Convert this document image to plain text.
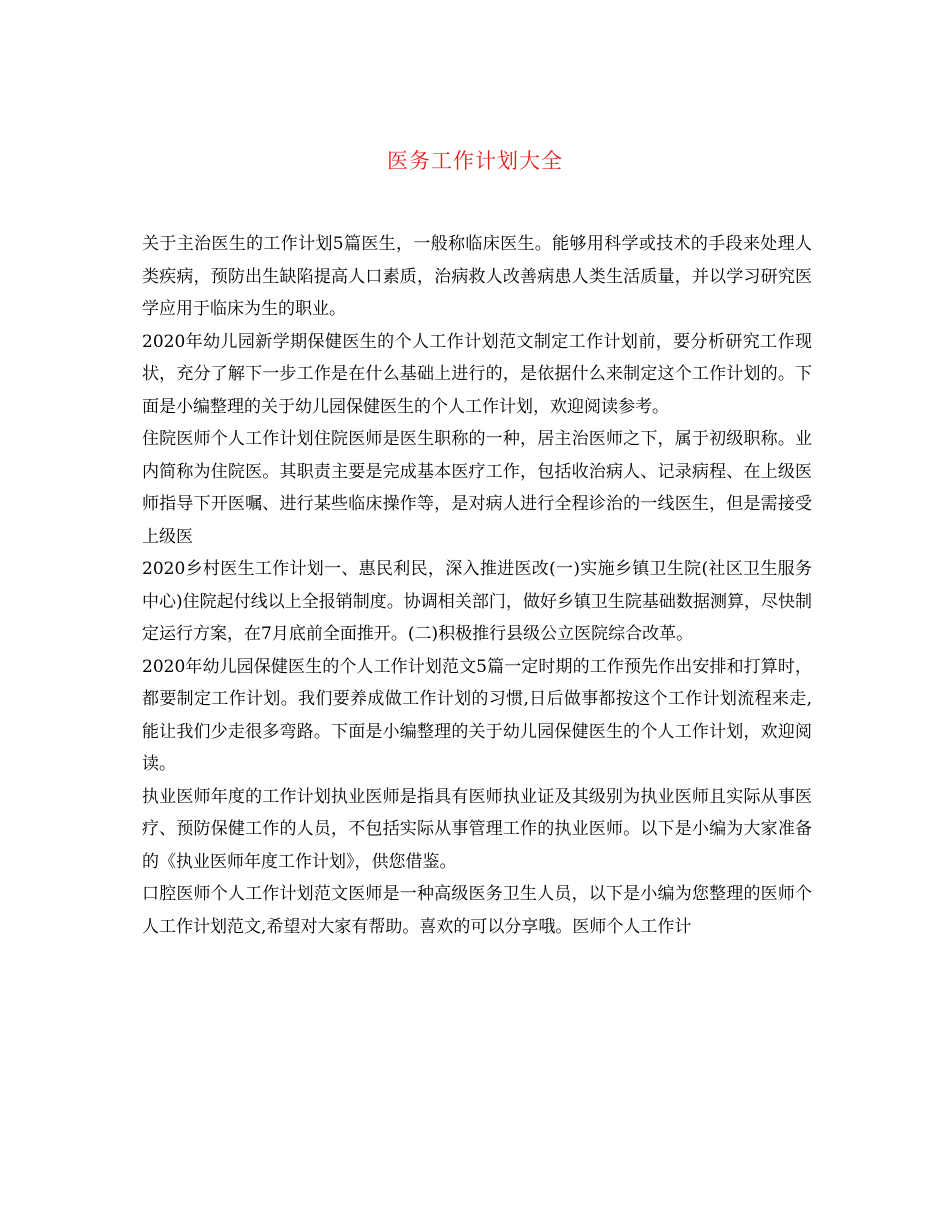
医务工作计划大全

关于主治医生的工作计划5篇医生，一般称临床医生。能够用科学或技术的手段来处理人类疾病，预防出生缺陷提高人口素质，治病救人改善病患人类生活质量，并以学习研究医学应用于临床为生的职业。

2020年幼儿园新学期保健医生的个人工作计划范文制定工作计划前，要分析研究工作现状，充分了解下一步工作是在什么基础上进行的，是依据什么来制定这个工作计划的。下面是小编整理的关于幼儿园保健医生的个人工作计划，欢迎阅读参考。

住院医师个人工作计划住院医师是医生职称的一种，居主治医师之下，属于初级职称。业内简称为住院医。其职责主要是完成基本医疗工作，包括收治病人、记录病程、在上级医师指导下开医嘱、进行某些临床操作等，是对病人进行全程诊治的一线医生，但是需接受上级医

2020乡村医生工作计划一、惠民利民，深入推进医改(一)实施乡镇卫生院(社区卫生服务中心)住院起付线以上全报销制度。协调相关部门，做好乡镇卫生院基础数据测算，尽快制定运行方案，在7月底前全面推开。(二)积极推行县级公立医院综合改革。

2020年幼儿园保健医生的个人工作计划范文5篇一定时期的工作预先作出安排和打算时，都要制定工作计划。我们要养成做工作计划的习惯,日后做事都按这个工作计划流程来走,能让我们少走很多弯路。下面是小编整理的关于幼儿园保健医生的个人工作计划，欢迎阅读。

执业医师年度的工作计划执业医师是指具有医师执业证及其级别为执业医师且实际从事医疗、预防保健工作的人员，不包括实际从事管理工作的执业医师。以下是小编为大家准备的《执业医师年度工作计划》，供您借鉴。

口腔医师个人工作计划范文医师是一种高级医务卫生人员，以下是小编为您整理的医师个人工作计划范文,希望对大家有帮助。喜欢的可以分享哦。医师个人工作计
